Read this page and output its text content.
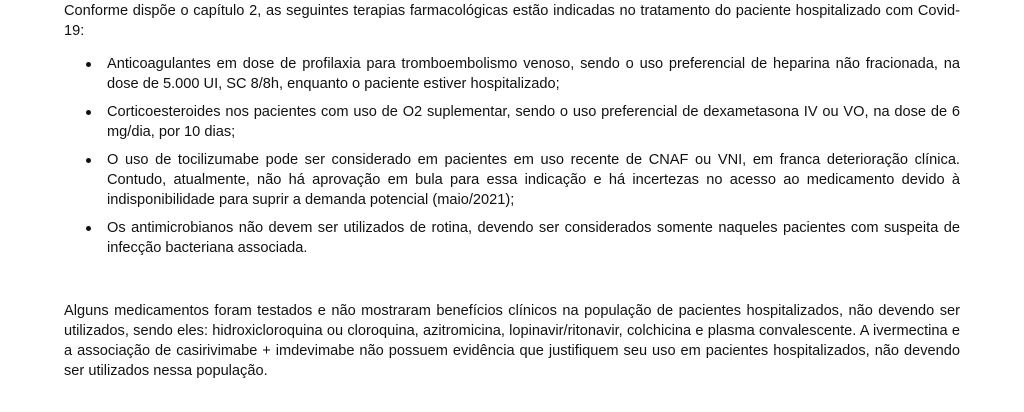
Conforme dispõe o capítulo 2, as seguintes terapias farmacológicas estão indicadas no tratamento do paciente hospitalizado com Covid-19:

Anticoagulantes em dose de profilaxia para tromboembolismo venoso, sendo o uso preferencial de heparina não fracionada, na dose de 5.000 UI, SC 8/8h, enquanto o paciente estiver hospitalizado;
Corticoesteroides nos pacientes com uso de O2 suplementar, sendo o uso preferencial de dexametasona IV ou VO, na dose de 6 mg/dia, por 10 dias;
O uso de tocilizumabe pode ser considerado em pacientes em uso recente de CNAF ou VNI, em franca deterioração clínica. Contudo, atualmente, não há aprovação em bula para essa indicação e há incertezas no acesso ao medicamento devido à indisponibilidade para suprir a demanda potencial (maio/2021);
Os antimicrobianos não devem ser utilizados de rotina, devendo ser considerados somente naqueles pacientes com suspeita de infecção bacteriana associada.

Alguns medicamentos foram testados e não mostraram benefícios clínicos na população de pacientes hospitalizados, não devendo ser utilizados, sendo eles: hidroxicloroquina ou cloroquina, azitromicina, lopinavir/ritonavir, colchicina e plasma convalescente. A ivermectina e a associação de casirivimabe + imdevimabe não possuem evidência que justifiquem seu uso em pacientes hospitalizados, não devendo ser utilizados nessa população.
